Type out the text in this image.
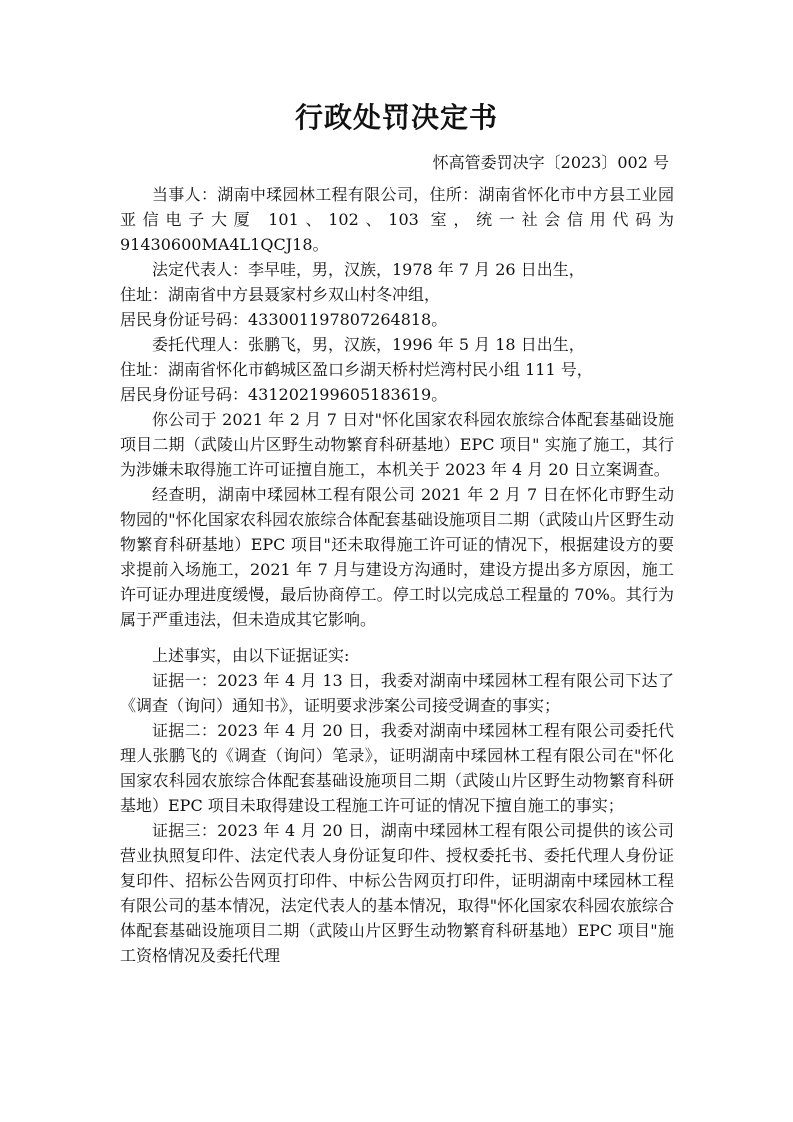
行政处罚决定书

怀高管委罚决字〔2023〕002 号

当事人：湖南中瑈园林工程有限公司，住所：湖南省怀化市中方县工业园亚信电子大厦 101、102、103 室，统一社会信用代码为 91430600MA4L1QCJ18。

法定代表人：李早哇，男，汉族，1978 年 7 月 26 日出生，

住址：湖南省中方县聂家村乡双山村冬冲组，

居民身份证号码：433001197807264818。

委托代理人：张鹏飞，男，汉族，1996 年 5 月 18 日出生，

住址：湖南省怀化市鹤城区盈口乡湖天桥村烂湾村民小组 111 号，

居民身份证号码：431202199605183619。

你公司于 2021 年 2 月 7 日对"怀化国家农科园农旅综合体配套基础设施项目二期（武陵山片区野生动物繁育科研基地）EPC 项目" 实施了施工，其行为涉嫌未取得施工许可证擅自施工，本机关于 2023 年 4 月 20 日立案调查。

经查明，湖南中瑈园林工程有限公司 2021 年 2 月 7 日在怀化市野生动物园的"怀化国家农科园农旅综合体配套基础设施项目二期（武陵山片区野生动物繁育科研基地）EPC 项目"还未取得施工许可证的情况下，根据建设方的要求提前入场施工，2021 年 7 月与建设方沟通时，建设方提出多方原因，施工许可证办理进度缓慢，最后协商停工。停工时以完成总工程量的 70%。其行为属于严重违法，但未造成其它影响。

上述事实，由以下证据证实:

证据一：2023 年 4 月 13 日，我委对湖南中瑈园林工程有限公司下达了《调查（询问）通知书》，证明要求涉案公司接受调查的事实；

证据二：2023 年 4 月 20 日，我委对湖南中瑈园林工程有限公司委托代理人张鹏飞的《调查（询问）笔录》，证明湖南中瑈园林工程有限公司在"怀化国家农科园农旅综合体配套基础设施项目二期（武陵山片区野生动物繁育科研基地）EPC 项目未取得建设工程施工许可证的情况下擅自施工的事实；

证据三：2023 年 4 月 20 日，湖南中瑈园林工程有限公司提供的该公司营业执照复印件、法定代表人身份证复印件、授权委托书、委托代理人身份证复印件、招标公告网页打印件、中标公告网页打印件，证明湖南中瑈园林工程有限公司的基本情况，法定代表人的基本情况，取得"怀化国家农科园农旅综合体配套基础设施项目二期（武陵山片区野生动物繁育科研基地）EPC 项目"施工资格情况及委托代理
